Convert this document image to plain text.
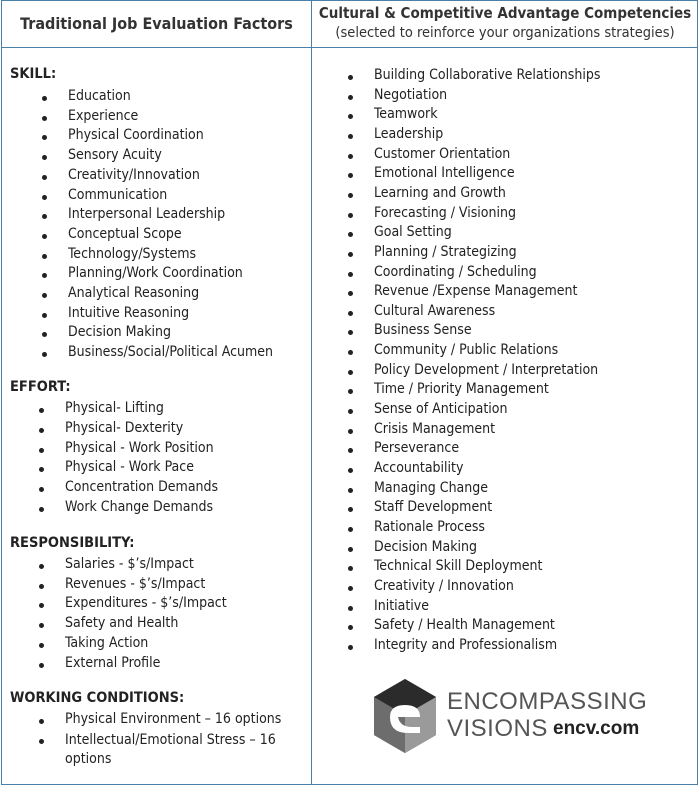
Traditional Job Evaluation Factors
Cultural & Competitive Advantage Competencies
(selected to reinforce your organizations strategies)
SKILL:
Education
Experience
Physical Coordination
Sensory Acuity
Creativity/Innovation
Communication
Interpersonal Leadership
Conceptual Scope
Technology/Systems
Planning/Work Coordination
Analytical Reasoning
Intuitive Reasoning
Decision Making
Business/Social/Political Acumen
EFFORT:
Physical- Lifting
Physical- Dexterity
Physical - Work Position
Physical - Work Pace
Concentration Demands
Work Change Demands
RESPONSIBILITY:
Salaries - $’s/Impact
Revenues - $’s/Impact
Expenditures - $’s/Impact
Safety and Health
Taking Action
External Profile
WORKING CONDITIONS:
Physical Environment – 16 options
Intellectual/Emotional Stress – 16 options
Building Collaborative Relationships
Negotiation
Teamwork
Leadership
Customer Orientation
Emotional Intelligence
Learning and Growth
Forecasting / Visioning
Goal Setting
Planning / Strategizing
Coordinating / Scheduling
Revenue /Expense Management
Cultural Awareness
Business Sense
Community / Public Relations
Policy Development / Interpretation
Time / Priority Management
Sense of Anticipation
Crisis Management
Perseverance
Accountability
Managing Change
Staff Development
Rationale Process
Decision Making
Technical Skill Deployment
Creativity / Innovation
Initiative
Safety / Health Management
Integrity and Professionalism
ENCOMPASSING
VISIONS encv.com
